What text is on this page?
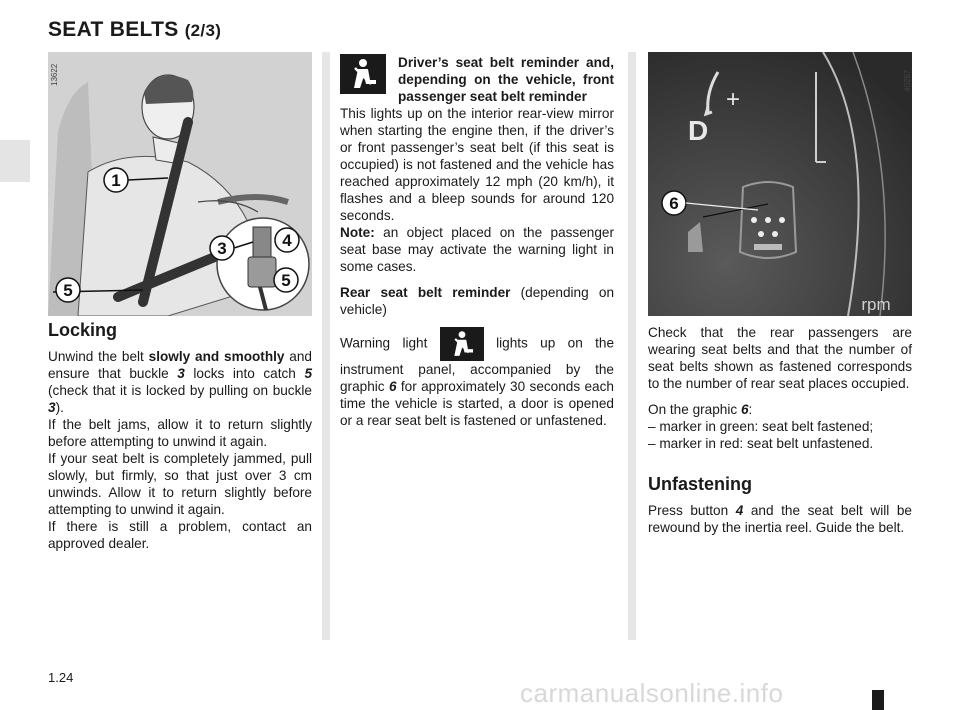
SEAT BELTS (2/3)
1
3	4
5
5
13622
D
+
6
rpm
40267
Locking

Unwind the belt slowly and smoothly and ensure that buckle 3 locks into catch 5 (check that it is locked by pulling on buckle 3).

If the belt jams, allow it to return slightly before attempting to unwind it again.

If your seat belt is completely jammed, pull slowly, but firmly, so that just over 3 cm unwinds. Allow it to return slightly before attempting to unwind it again.

If there is still a problem, contact an approved dealer.

Driver’s seat belt reminder and, depending on the vehicle, front passenger seat belt reminder

This lights up on the interior rear-view mirror when starting the engine then, if the driver’s or front passenger’s seat belt (if this seat is occupied) is not fastened and the vehicle has reached approximately 12 mph (20 km/h), it flashes and a bleep sounds for around 120 seconds.

Note: an object placed on the passenger seat base may activate the warning light in some cases.

Rear seat belt reminder (depending on vehicle)

Warning light	lights up on the instrument panel, accompanied by the graphic 6 for approximately 30 seconds each time the vehicle is started, a door is opened or a rear seat belt is fastened or unfastened.

Check that the rear passengers are wearing seat belts and that the number of seat belts shown as fastened corresponds to the number of rear seat places occupied.

On the graphic 6:

– marker in green: seat belt fastened;
– marker in red: seat belt unfastened.
Unfastening

Press button 4 and the seat belt will be rewound by the inertia reel. Guide the belt.

1.24
carmanualsonline.info
